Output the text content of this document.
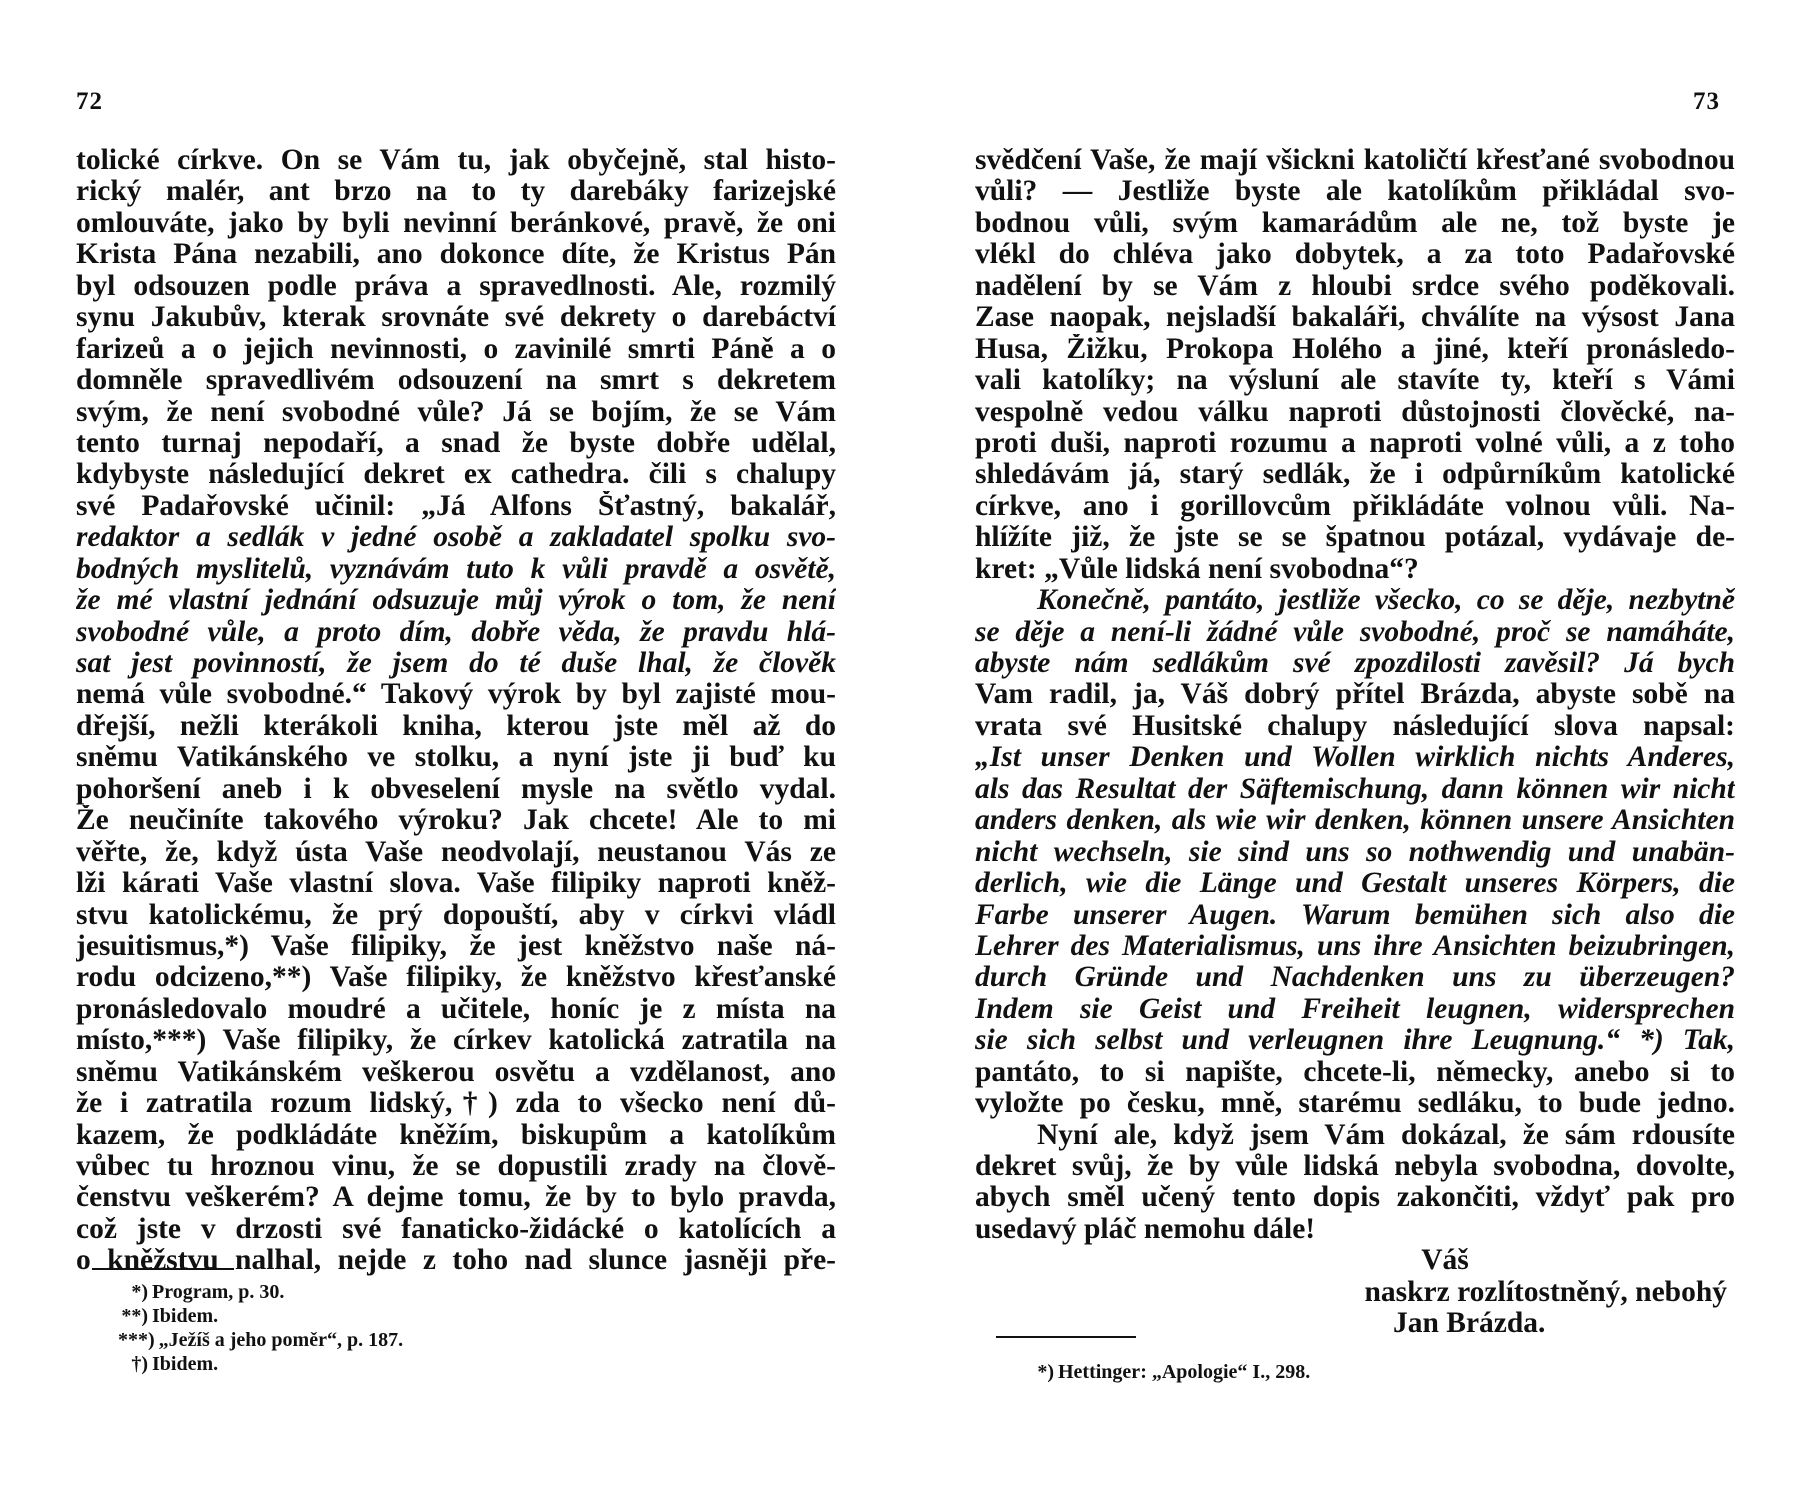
72	73
tolické církve. On se Vám tu, jak obyčejně, stal histo-
rický malér, ant brzo na to ty darebáky farizejské
omlouváte, jako by byli nevinní beránkové, pravě, že oni
Krista Pána nezabili, ano dokonce díte, že Kristus Pán
byl odsouzen podle práva a spravedlnosti. Ale, rozmilý
synu Jakubův, kterak srovnáte své dekrety o darebáctví
farizeů a o jejich nevinnosti, o zavinilé smrti Páně a o
domněle spravedlivém odsouzení na smrt s dekretem
svým, že není svobodné vůle? Já se bojím, že se Vám
tento turnaj nepodaří, a snad že byste dobře udělal,
kdybyste následující dekret ex cathedra. čili s chalupy
své Padařovské učinil: „Já Alfons Šťastný, bakalář,
redaktor a sedlák v jedné osobě a zakladatel spolku svo-
bodných myslitelů, vyznávám tuto k vůli pravdě a osvětě,
že mé vlastní jednání odsuzuje můj výrok o tom, že není
svobodné vůle, a proto dím, dobře věda, že pravdu hlá-
sat jest povinností, že jsem do té duše lhal, že člověk
nemá vůle svobodné.“ Takový výrok by byl zajisté mou-
dřejší, nežli kterákoli kniha, kterou jste měl až do
sněmu Vatikánského ve stolku, a nyní jste ji buď ku
pohoršení aneb i k obveselení mysle na světlo vydal.
Že neučiníte takového výroku? Jak chcete! Ale to mi
věřte, že, když ústa Vaše neodvolají, neustanou Vás ze
lži kárati Vaše vlastní slova. Vaše filipiky naproti kněž-
stvu katolickému, že prý dopouští, aby v církvi vládl
jesuitismus,*) Vaše filipiky, že jest kněžstvo naše ná-
rodu odcizeno,**) Vaše filipiky, že kněžstvo křesťanské
pronásledovalo moudré a učitele, honíc je z místa na
místo,***) Vaše filipiky, že církev katolická zatratila na
sněmu Vatikánském veškerou osvětu a vzdělanost, ano
že i zatratila rozum lidský,†) zda to všecko není dů-
kazem, že podkládáte kněžím, biskupům a katolíkům
vůbec tu hroznou vinu, že se dopustili zrady na člově-
čenstvu veškerém? A dejme tomu, že by to bylo pravda,
což jste v drzosti své fanaticko-židácké o katolících a
o kněžstvu nalhal, nejde z toho nad slunce jasněji pře-
svědčení Vaše, že mají všickni katoličtí křesťané svobodnou
vůli? — Jestliže byste ale katolíkům přikládal svo-
bodnou vůli, svým kamarádům ale ne, tož byste je
vlékl do chléva jako dobytek, a za toto Padařovské
nadělení by se Vám z hloubi srdce svého poděkovali.
Zase naopak, nejsladší bakaláři, chválíte na výsost Jana
Husa, Žižku, Prokopa Holého a jiné, kteří pronásledo-
vali katolíky; na výsluní ale stavíte ty, kteří s Vámi
vespolně vedou válku naproti důstojnosti člověcké, na-
proti duši, naproti rozumu a naproti volné vůli, a z toho
shledávám já, starý sedlák, že i odpůrníkům katolické
církve, ano i gorillovcům přikládáte volnou vůli. Na-
hlížíte již, že jste se se špatnou potázal, vydávaje de-
kret: „Vůle lidská není svobodna“?
Konečně, pantáto, jestliže všecko, co se děje, nezbytně
se děje a není-li žádné vůle svobodné, proč se namáháte,
abyste nám sedlákům své zpozdilosti zavěsil? Já bych
Vam radil, ja, Váš dobrý přítel Brázda, abyste sobě na
vrata své Husitské chalupy následující slova napsal:
„Ist unser Denken und Wollen wirklich nichts Anderes,
als das Resultat der Säftemischung, dann können wir nicht
anders denken, als wie wir denken, können unsere Ansichten
nicht wechseln, sie sind uns so nothwendig und unabän-
derlich, wie die Länge und Gestalt unseres Körpers, die
Farbe unserer Augen. Warum bemühen sich also die
Lehrer des Materialismus, uns ihre Ansichten beizubringen,
durch Gründe und Nachdenken uns zu überzeugen?
Indem sie Geist und Freiheit leugnen, widersprechen
sie sich selbst und verleugnen ihre Leugnung.“ *) Tak,
pantáto, to si napište, chcete-li, německy, anebo si to
vyložte po česku, mně, starému sedláku, to bude jedno.
Nyní ale, když jsem Vám dokázal, že sám rdousíte
dekret svůj, že by vůle lidská nebyla svobodna, dovolte,
abych směl učený tento dopis zakončiti, vždyť pak pro
usedavý pláč nemohu dále!
Váš
naskrz rozlítostněný, nebohý
Jan Brázda.
*) Program, p. 30.
**) Ibidem.
***) „Ježíš a jeho poměr“, p. 187.
†) Ibidem.	*) Hettinger: „Apologie“ I., 298.
